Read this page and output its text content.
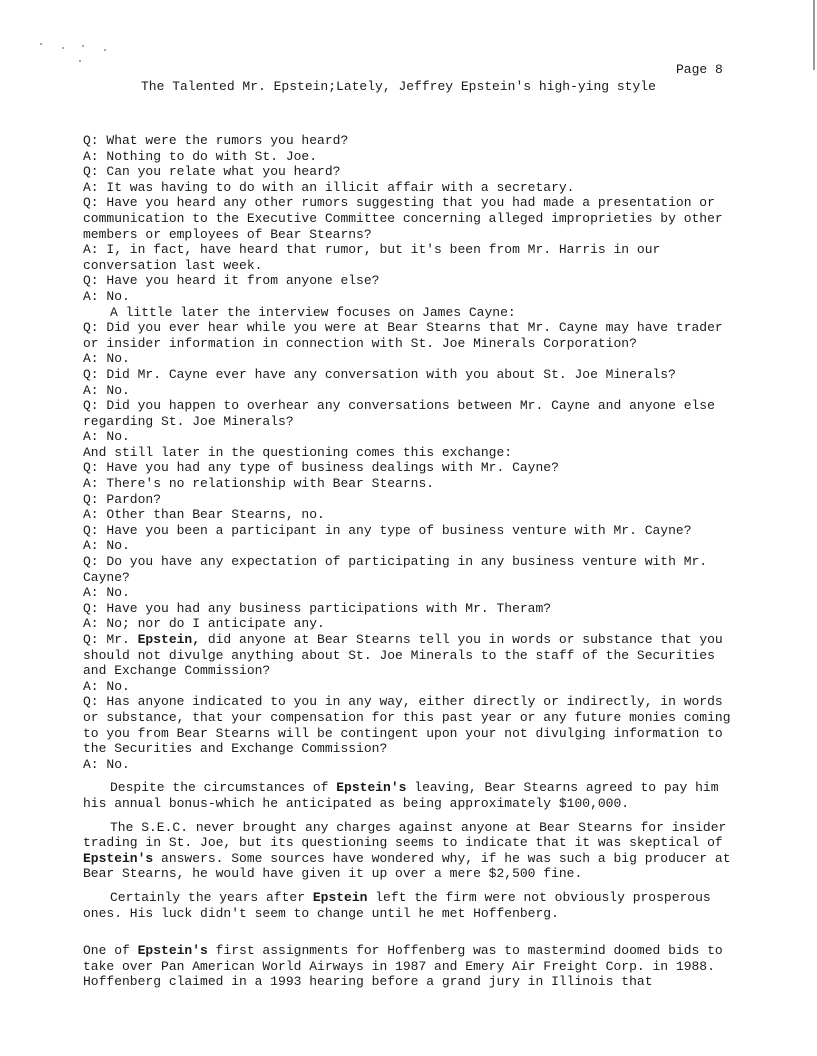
Page 8
The Talented Mr. Epstein;Lately, Jeffrey Epstein's high-ying style

Q: What were the rumors you heard?

A: Nothing to do with St. Joe.

Q: Can you relate what you heard?

A: It was having to do with an illicit affair with a secretary.

Q: Have you heard any other rumors suggesting that you had made a presentation or communication to the Executive Committee concerning alleged improprieties by other members or employees of Bear Stearns?

A: I, in fact, have heard that rumor, but it's been from Mr. Harris in our conversation last week.

Q: Have you heard it from anyone else?

A: No.

A little later the interview focuses on James Cayne:

Q: Did you ever hear while you were at Bear Stearns that Mr. Cayne may have trader or insider information in connection with St. Joe Minerals Corporation?

A: No.

Q: Did Mr. Cayne ever have any conversation with you about St. Joe Minerals?

A: No.

Q: Did you happen to overhear any conversations between Mr. Cayne and anyone else regarding St. Joe Minerals?

A: No.

And still later in the questioning comes this exchange:

Q: Have you had any type of business dealings with Mr. Cayne?

A: There's no relationship with Bear Stearns.

Q: Pardon?

A: Other than Bear Stearns, no.

Q: Have you been a participant in any type of business venture with Mr. Cayne?

A: No.

Q: Do you have any expectation of participating in any business venture with Mr. Cayne?

A: No.

Q: Have you had any business participations with Mr. Theram?

A: No; nor do I anticipate any.

Q: Mr. Epstein, did anyone at Bear Stearns tell you in words or substance that you should not divulge anything about St. Joe Minerals to the staff of the Securities and Exchange Commission?

A: No.

Q: Has anyone indicated to you in any way, either directly or indirectly, in words or substance, that your compensation for this past year or any future monies coming to you from Bear Stearns will be contingent upon your not divulging information to the Securities and Exchange Commission?

A: No.

Despite the circumstances of Epstein's leaving, Bear Stearns agreed to pay him his annual bonus-which he anticipated as being approximately $100,000.

The S.E.C. never brought any charges against anyone at Bear Stearns for insider trading in St. Joe, but its questioning seems to indicate that it was skeptical of Epstein's answers. Some sources have wondered why, if he was such a big producer at Bear Stearns, he would have given it up over a mere $2,500 fine.

Certainly the years after Epstein left the firm were not obviously prosperous ones. His luck didn't seem to change until he met Hoffenberg.

One of Epstein's first assignments for Hoffenberg was to mastermind doomed bids to take over Pan American World Airways in 1987 and Emery Air Freight Corp. in 1988. Hoffenberg claimed in a 1993 hearing before a grand jury in Illinois that
